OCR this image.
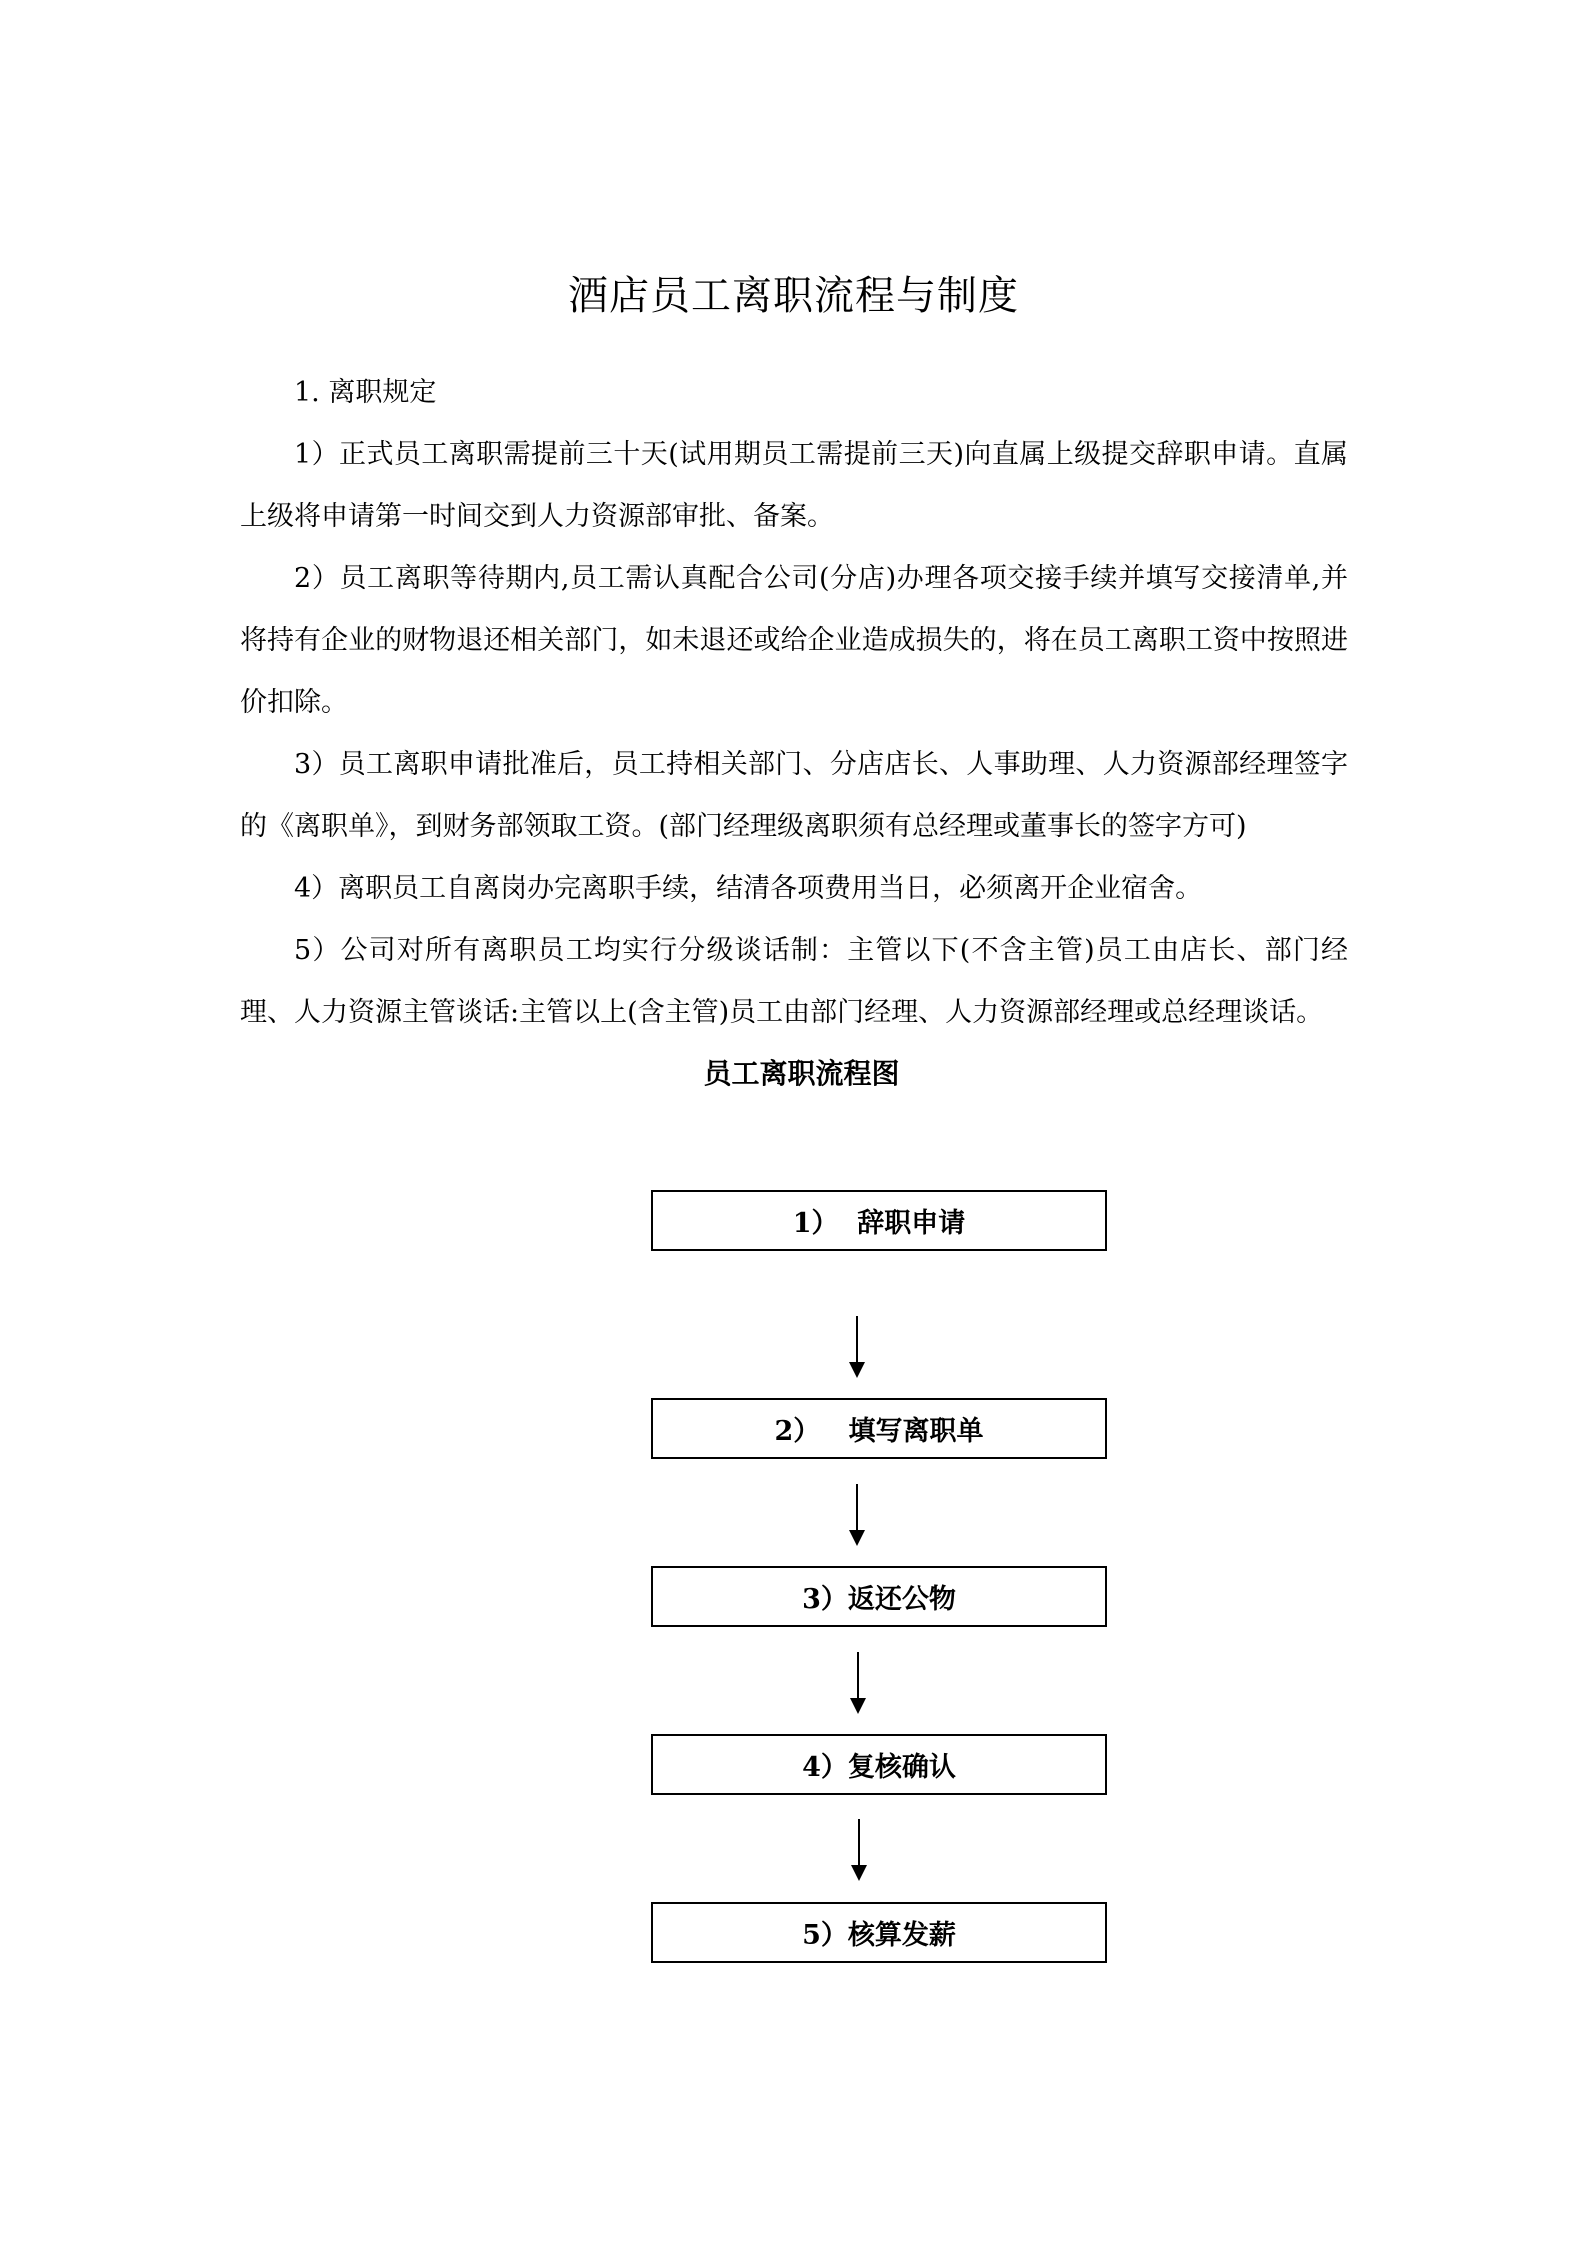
酒店员工离职流程与制度

1. 离职规定

1）正式员工离职需提前三十天(试用期员工需提前三天)向直属上级提交辞职申请。直属上级将申请第一时间交到人力资源部审批、备案。

2）员工离职等待期内,员工需认真配合公司(分店)办理各项交接手续并填写交接清单,并将持有企业的财物退还相关部门，如未退还或给企业造成损失的，将在员工离职工资中按照进价扣除。

3）员工离职申请批准后，员工持相关部门、分店店长、人事助理、人力资源部经理签字的《离职单》，到财务部领取工资。(部门经理级离职须有总经理或董事长的签字方可)

4）离职员工自离岗办完离职手续，结清各项费用当日，必须离开企业宿舍。

5）公司对所有离职员工均实行分级谈话制：主管以下(不含主管)员工由店长、部门经理、人力资源主管谈话:主管以上(含主管)员工由部门经理、人力资源部经理或总经理谈话。

员工离职流程图
1）  辞职申请
2）   填写离职单
3）返还公物
4）复核确认
5）核算发薪
